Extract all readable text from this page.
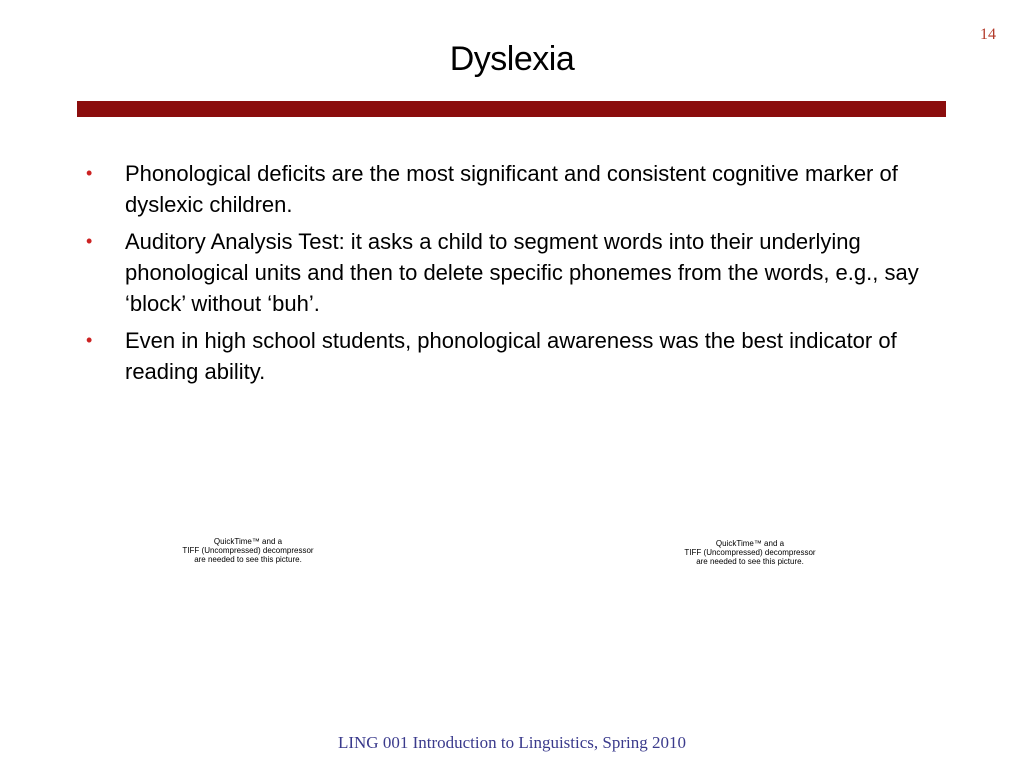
14
Dyslexia
• Phonological deficits are the most significant and consistent cognitive marker of dyslexic children.
• Auditory Analysis Test: it asks a child to segment words into their underlying phonological units and then to delete specific phonemes from the words, e.g., say ‘block’ without ‘buh’.
• Even in high school students, phonological awareness was the best indicator of reading ability.
QuickTime™ and a
TIFF (Uncompressed) decompressor
are needed to see this picture.
QuickTime™ and a
TIFF (Uncompressed) decompressor
are needed to see this picture.
LING 001 Introduction to Linguistics, Spring 2010
